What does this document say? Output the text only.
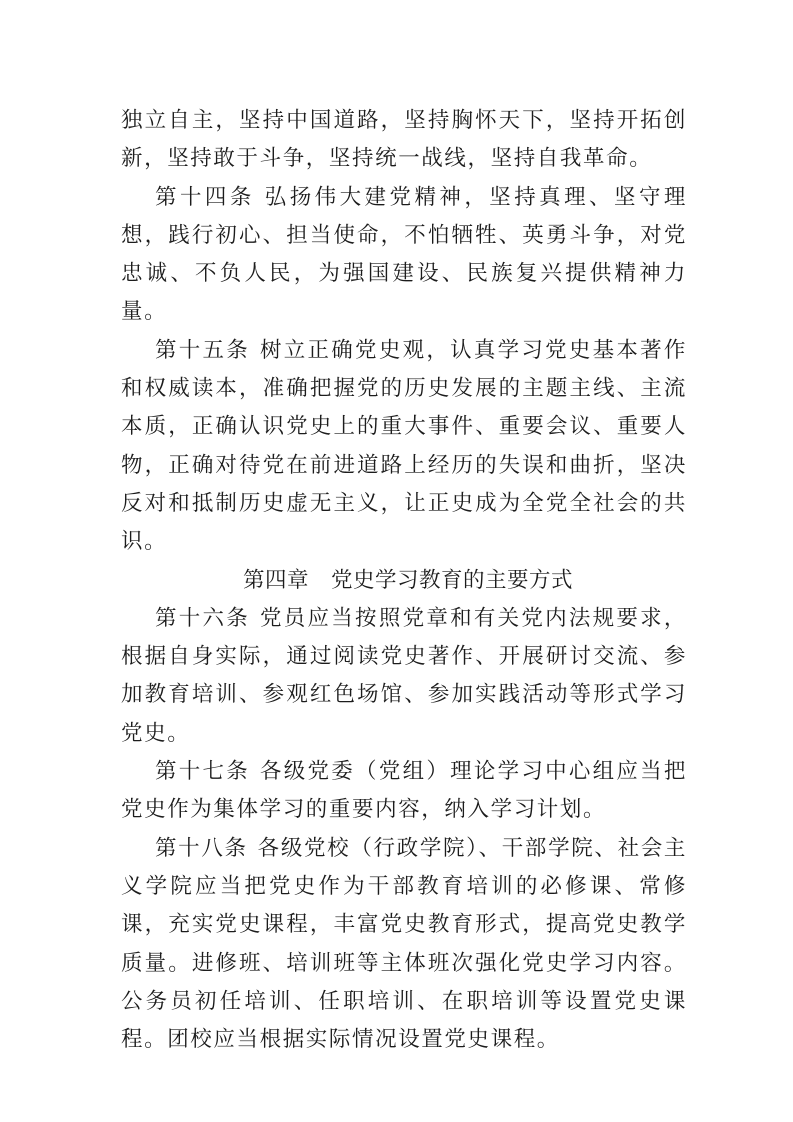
独立自主，坚持中国道路，坚持胸怀天下，坚持开拓创新，坚持敢于斗争，坚持统一战线，坚持自我革命。

第十四条 弘扬伟大建党精神，坚持真理、坚守理想，践行初心、担当使命，不怕牺牲、英勇斗争，对党忠诚、不负人民，为强国建设、民族复兴提供精神力量。

第十五条 树立正确党史观，认真学习党史基本著作和权威读本，准确把握党的历史发展的主题主线、主流本质，正确认识党史上的重大事件、重要会议、重要人物，正确对待党在前进道路上经历的失误和曲折，坚决反对和抵制历史虚无主义，让正史成为全党全社会的共识。

第四章　 党史学习教育的主要方式

第十六条 党员应当按照党章和有关党内法规要求，根据自身实际，通过阅读党史著作、开展研讨交流、参加教育培训、参观红色场馆、参加实践活动等形式学习党史。

第十七条 各级党委（党组）理论学习中心组应当把党史作为集体学习的重要内容，纳入学习计划。

第十八条 各级党校（行政学院）、干部学院、社会主义学院应当把党史作为干部教育培训的必修课、常修课，充实党史课程，丰富党史教育形式，提高党史教学质量。进修班、培训班等主体班次强化党史学习内容。公务员初任培训、任职培训、在职培训等设置党史课程。团校应当根据实际情况设置党史课程。
